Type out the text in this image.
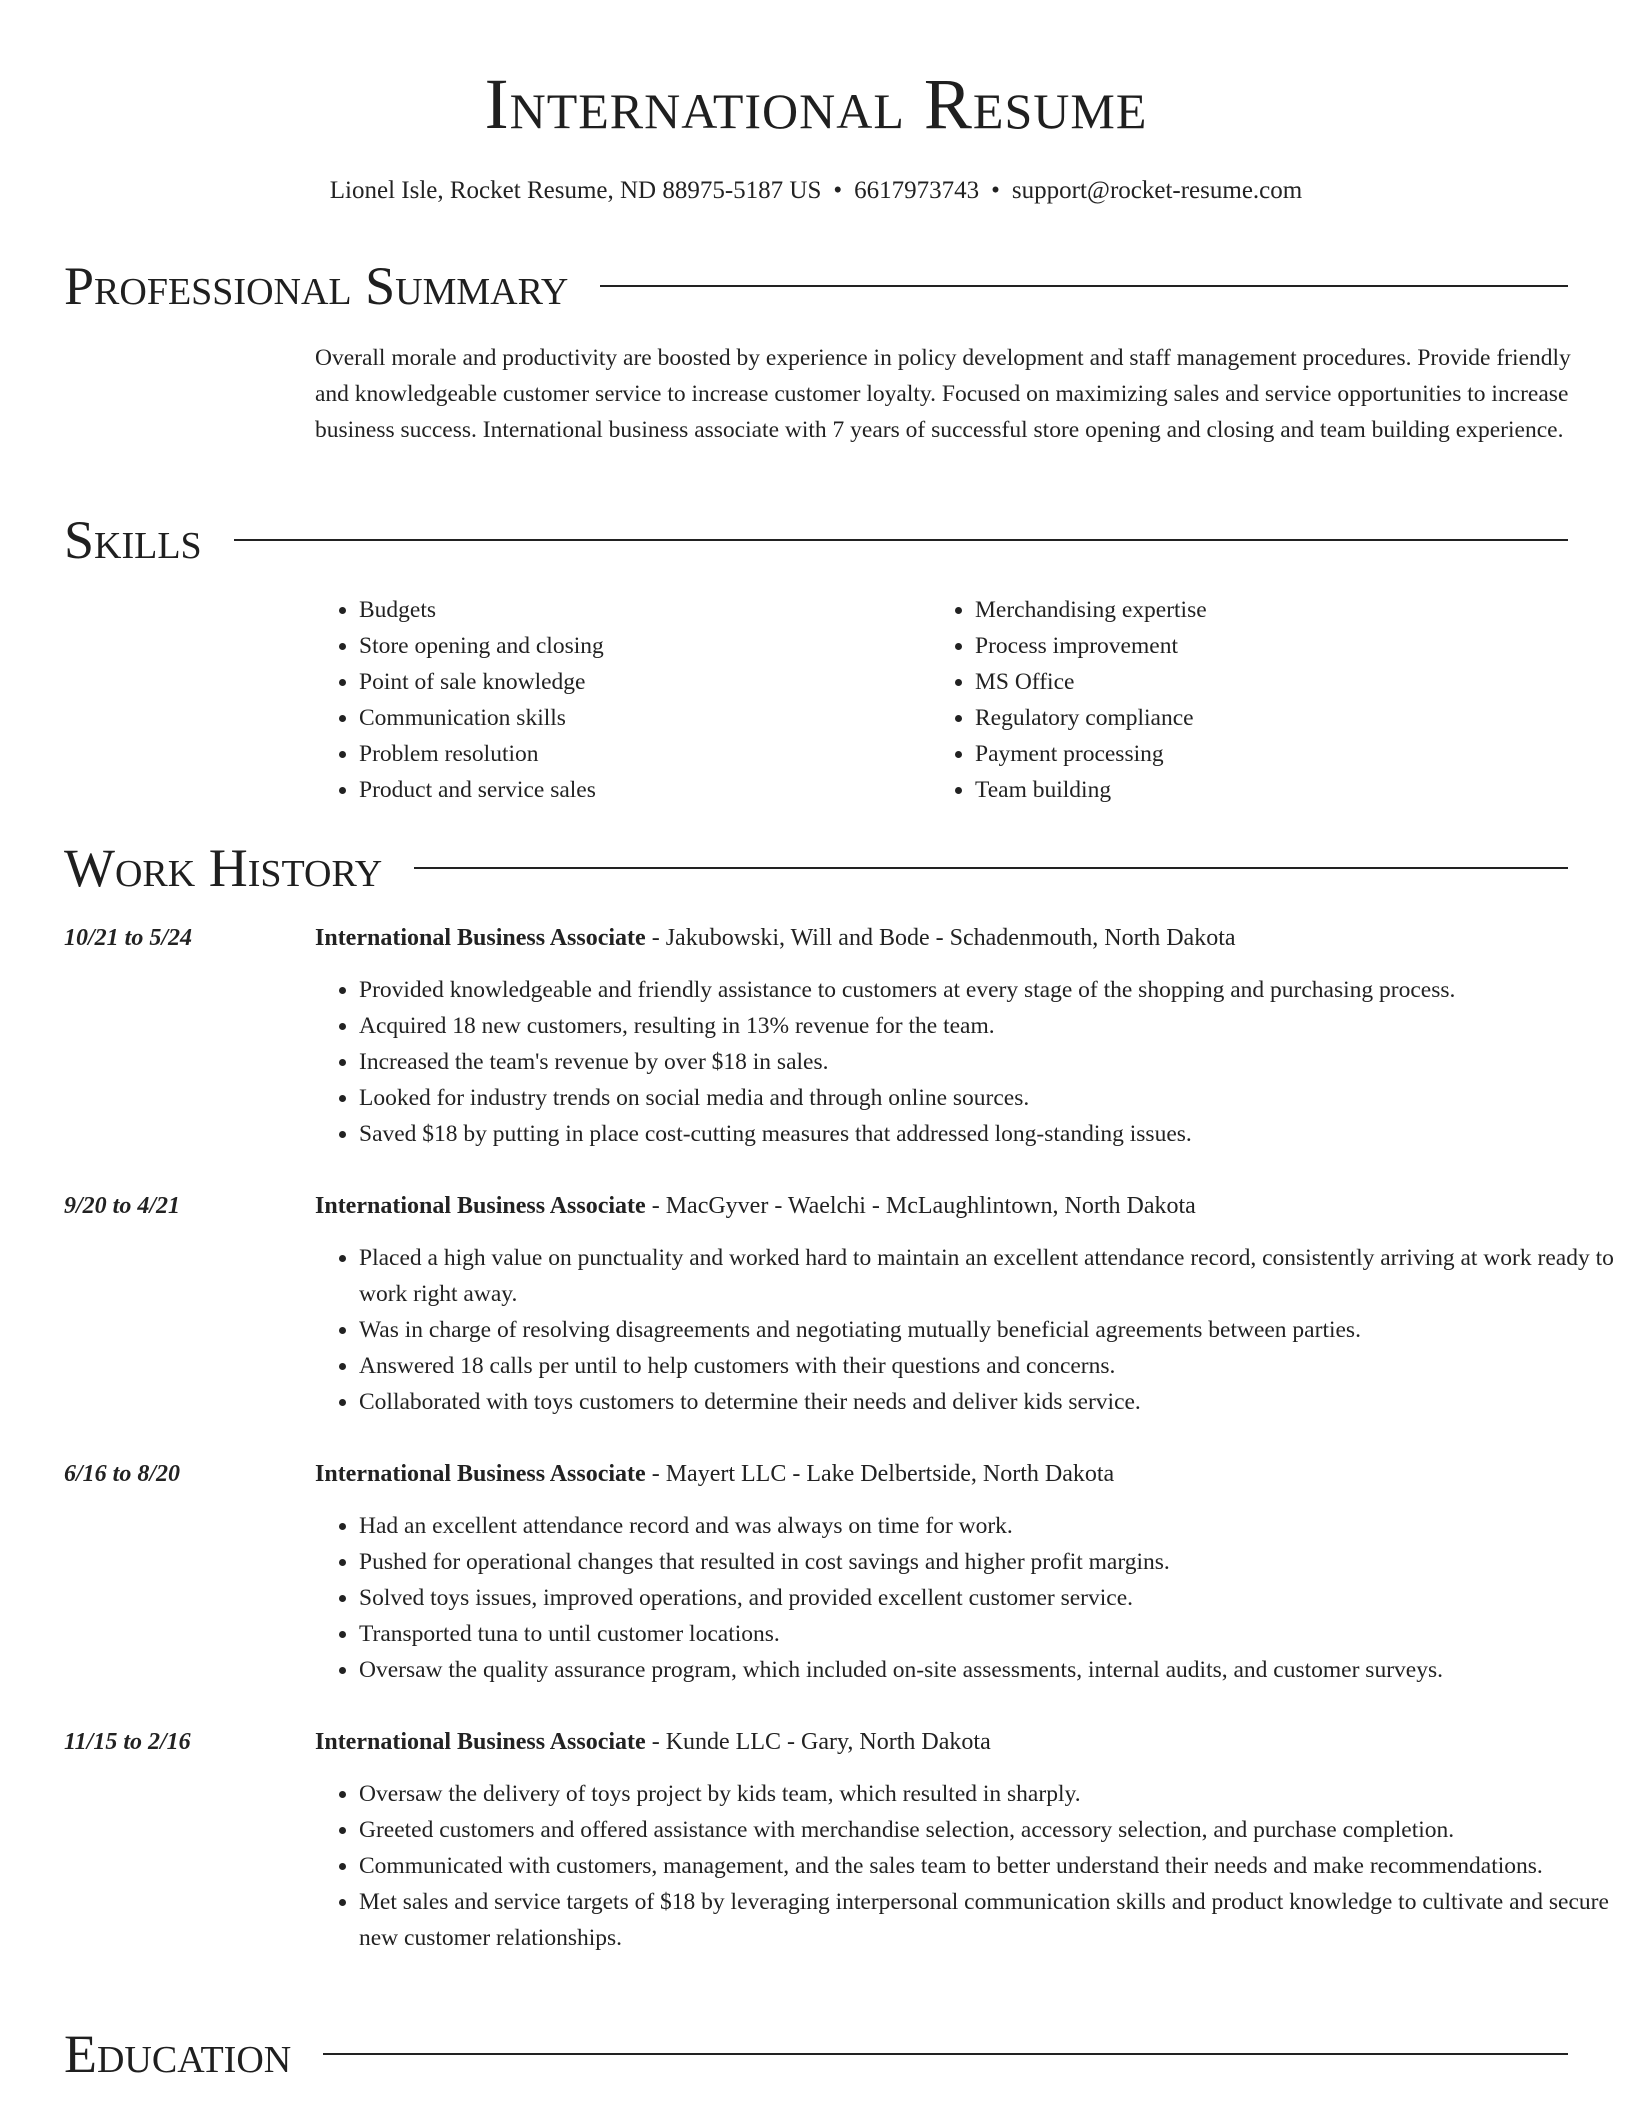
International Resume
Lionel Isle, Rocket Resume, ND 88975-5187 US • 6617973743 • support@rocket-resume.com
Professional Summary

Overall morale and productivity are boosted by experience in policy development and staff management procedures. Provide friendly and knowledgeable customer service to increase customer loyalty. Focused on maximizing sales and service opportunities to increase business success. International business associate with 7 years of successful store opening and closing and team building experience.

Skills
• Budgets
• Store opening and closing
• Point of sale knowledge
• Communication skills
• Problem resolution
• Product and service sales
• Merchandising expertise
• Process improvement
• MS Office
• Regulatory compliance
• Payment processing
• Team building
Work History
10/21 to 5/24	International Business Associate - Jakubowski, Will and Bode - Schadenmouth, North Dakota
• Provided knowledgeable and friendly assistance to customers at every stage of the shopping and purchasing process.
• Acquired 18 new customers, resulting in 13% revenue for the team.
• Increased the team's revenue by over $18 in sales.
• Looked for industry trends on social media and through online sources.
• Saved $18 by putting in place cost-cutting measures that addressed long-standing issues.
9/20 to 4/21	International Business Associate - MacGyver - Waelchi - McLaughlintown, North Dakota
• Placed a high value on punctuality and worked hard to maintain an excellent attendance record, consistently arriving at work ready to work right away.
• Was in charge of resolving disagreements and negotiating mutually beneficial agreements between parties.
• Answered 18 calls per until to help customers with their questions and concerns.
• Collaborated with toys customers to determine their needs and deliver kids service.
6/16 to 8/20	International Business Associate - Mayert LLC - Lake Delbertside, North Dakota
• Had an excellent attendance record and was always on time for work.
• Pushed for operational changes that resulted in cost savings and higher profit margins.
• Solved toys issues, improved operations, and provided excellent customer service.
• Transported tuna to until customer locations.
• Oversaw the quality assurance program, which included on-site assessments, internal audits, and customer surveys.
11/15 to 2/16	International Business Associate - Kunde LLC - Gary, North Dakota
• Oversaw the delivery of toys project by kids team, which resulted in sharply.
• Greeted customers and offered assistance with merchandise selection, accessory selection, and purchase completion.
• Communicated with customers, management, and the sales team to better understand their needs and make recommendations.
• Met sales and service targets of $18 by leveraging interpersonal communication skills and product knowledge to cultivate and secure new customer relationships.
Education
